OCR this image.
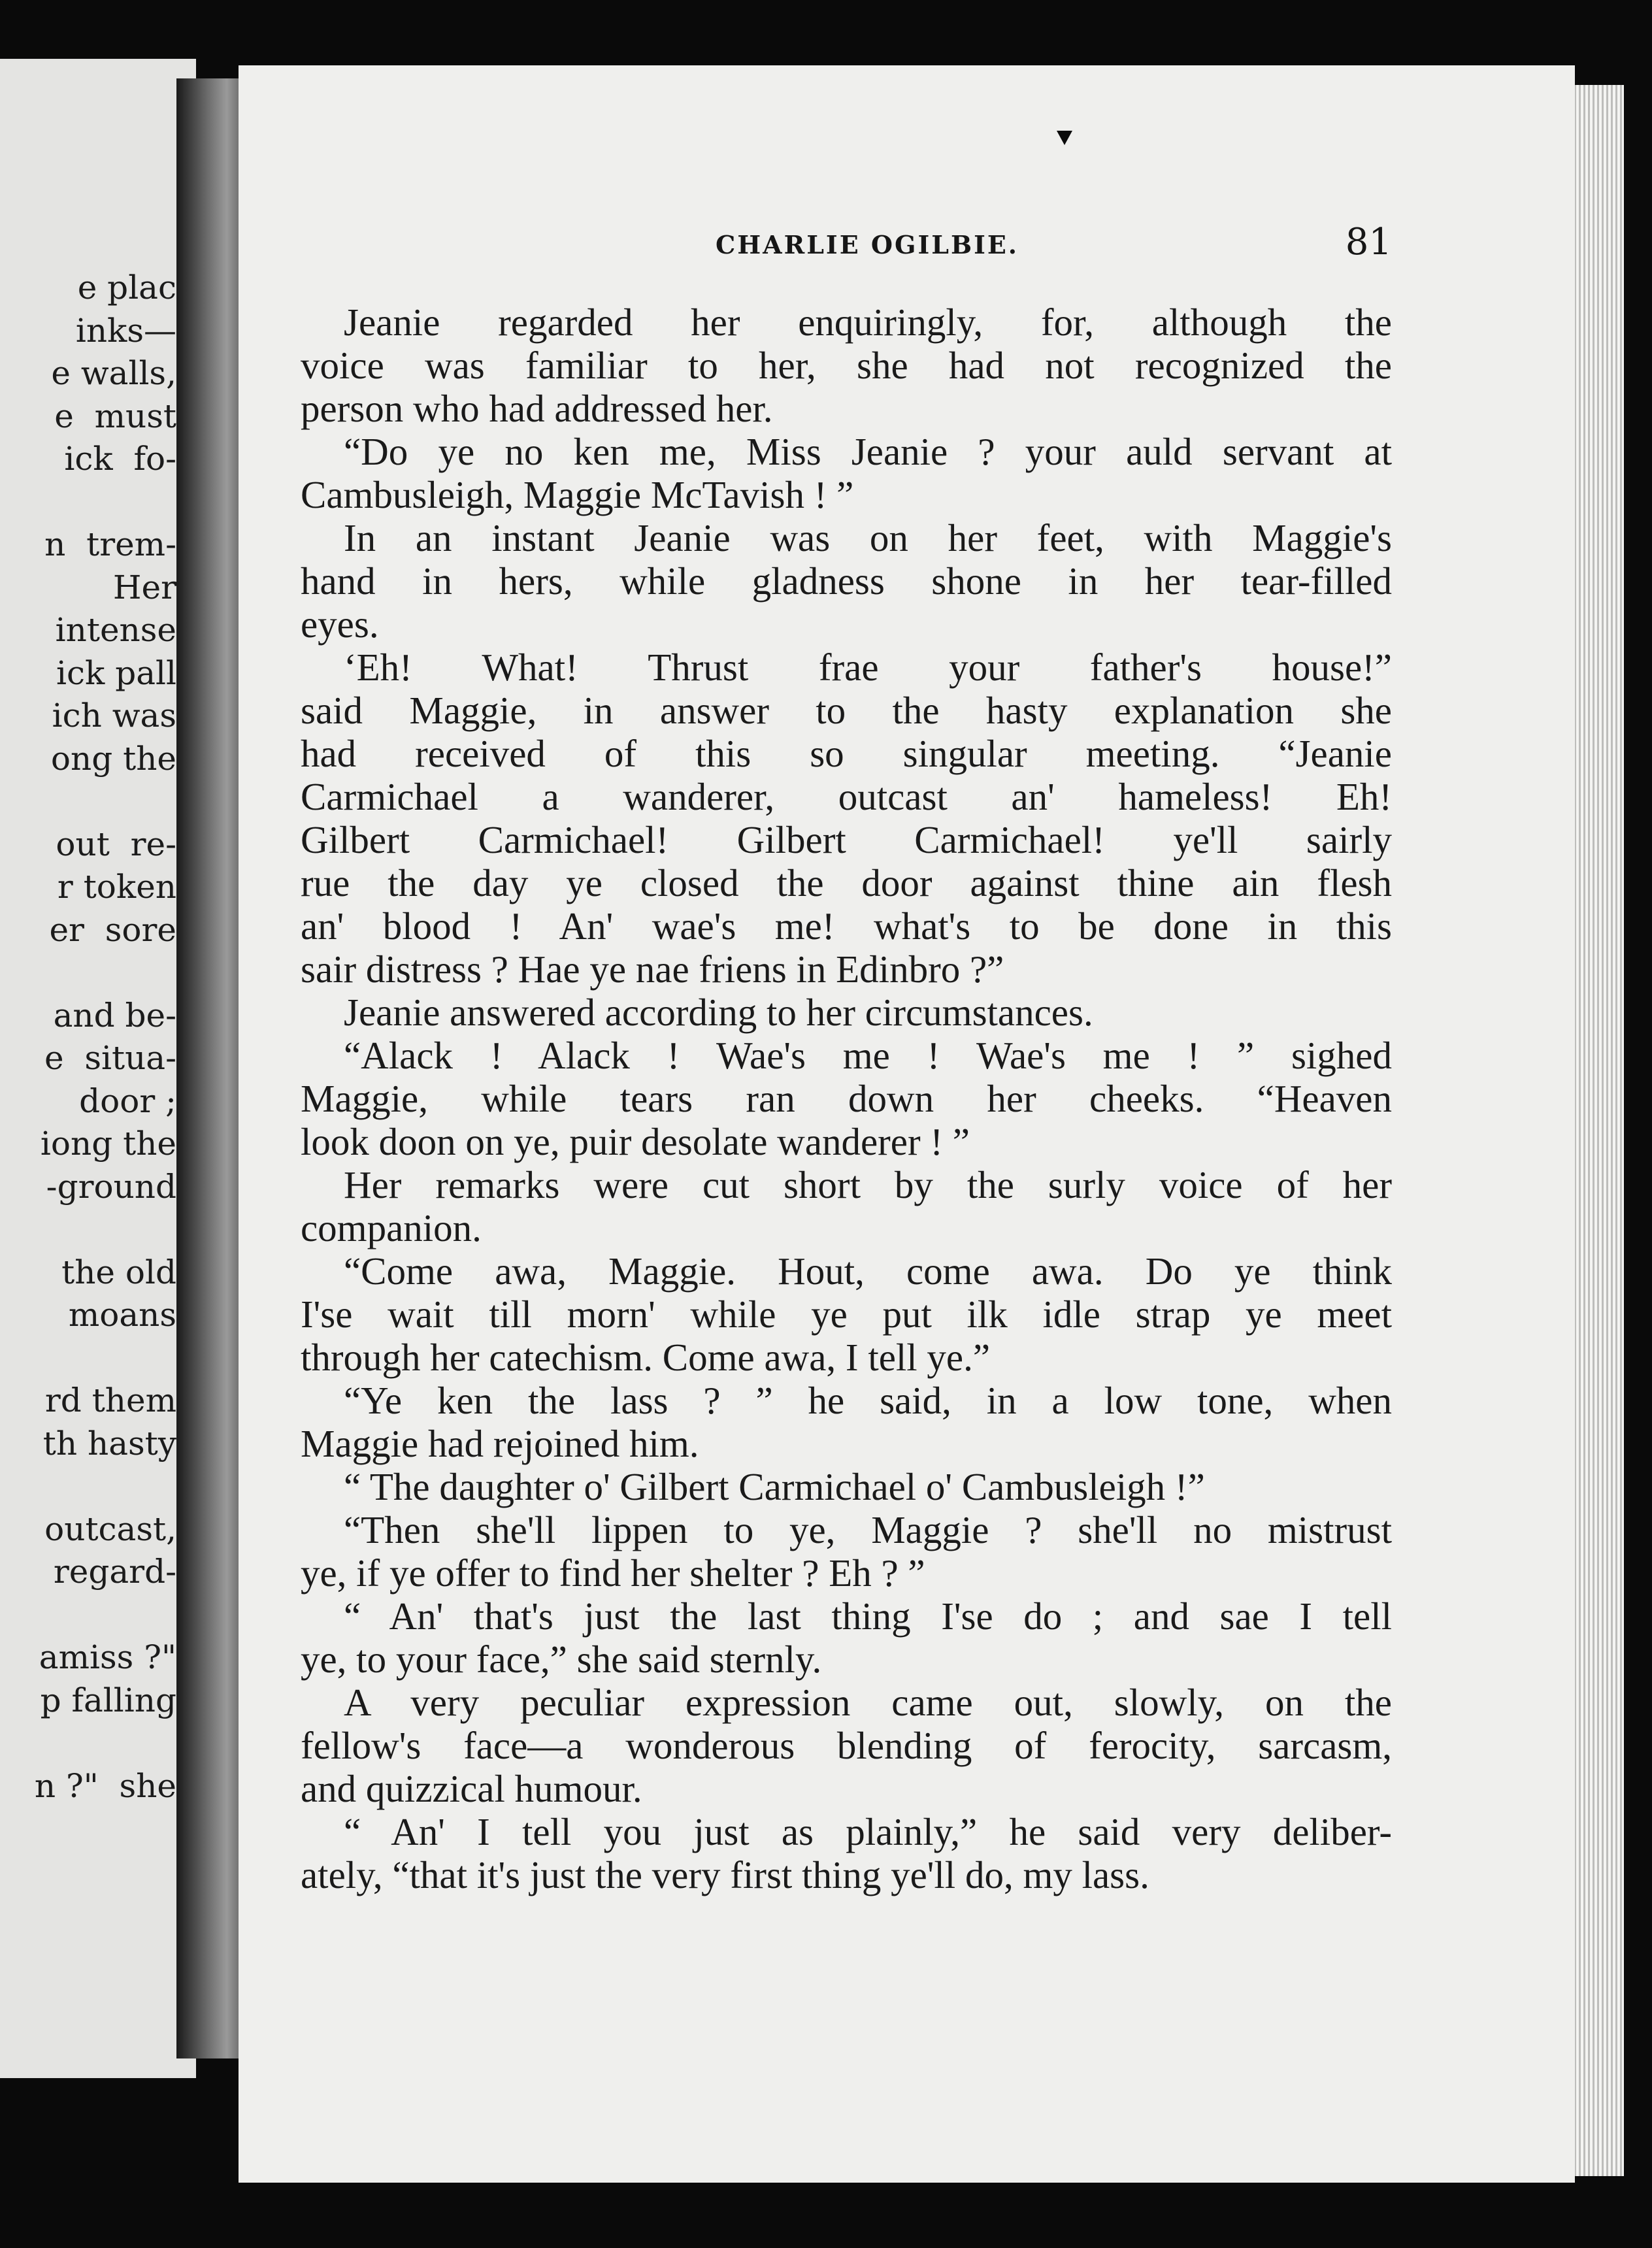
e plac
inks—
e walls,
e  must
ick  fo-
n  trem-
Her
intense
ick pall
ich was
ong the
out  re-
r token
er  sore
and be-
e  situa-
door ;
iong the
-ground
the old
moans
rd them
th hasty
outcast,
regard-
amiss ?"
p falling
n ?"  she
CHARLIE OGILBIE.	81
Jeanie regarded her enquiringly, for, although the
voice was familiar to her, she had not recognized the
person who had addressed her.
“Do ye no ken me, Miss Jeanie ? your auld servant at
Cambusleigh, Maggie McTavish ! ”
In an instant Jeanie was on her feet, with Maggie's
hand in hers, while gladness shone in her tear-filled
eyes.
‘Eh! What! Thrust frae your father's house!”
said Maggie, in answer to the hasty explanation she
had received of this so singular meeting. “Jeanie
Carmichael a wanderer, outcast an' hameless! Eh!
Gilbert Carmichael! Gilbert Carmichael! ye'll sairly
rue the day ye closed the door against thine ain flesh
an' blood ! An' wae's me! what's to be done in this
sair distress ? Hae ye nae friens in Edinbro ?”
Jeanie answered according to her circumstances.
“Alack ! Alack ! Wae's me ! Wae's me ! ” sighed
Maggie, while tears ran down her cheeks. “Heaven
look doon on ye, puir desolate wanderer ! ”
Her remarks were cut short by the surly voice of her
companion.
“Come awa, Maggie. Hout, come awa. Do ye think
I'se wait till morn' while ye put ilk idle strap ye meet
through her catechism. Come awa, I tell ye.”
“Ye ken the lass ? ” he said, in a low tone, when
Maggie had rejoined him.
“ The daughter o' Gilbert Carmichael o' Cambusleigh !”
“Then she'll lippen to ye, Maggie ? she'll no mistrust
ye, if ye offer to find her shelter ? Eh ? ”
“ An' that's just the last thing I'se do ; and sae I tell
ye, to your face,” she said sternly.
A very peculiar expression came out, slowly, on the
fellow's face—a wonderous blending of ferocity, sarcasm,
and quizzical humour.
“ An' I tell you just as plainly,” he said very deliber-
ately, “that it's just the very first thing ye'll do, my lass.
